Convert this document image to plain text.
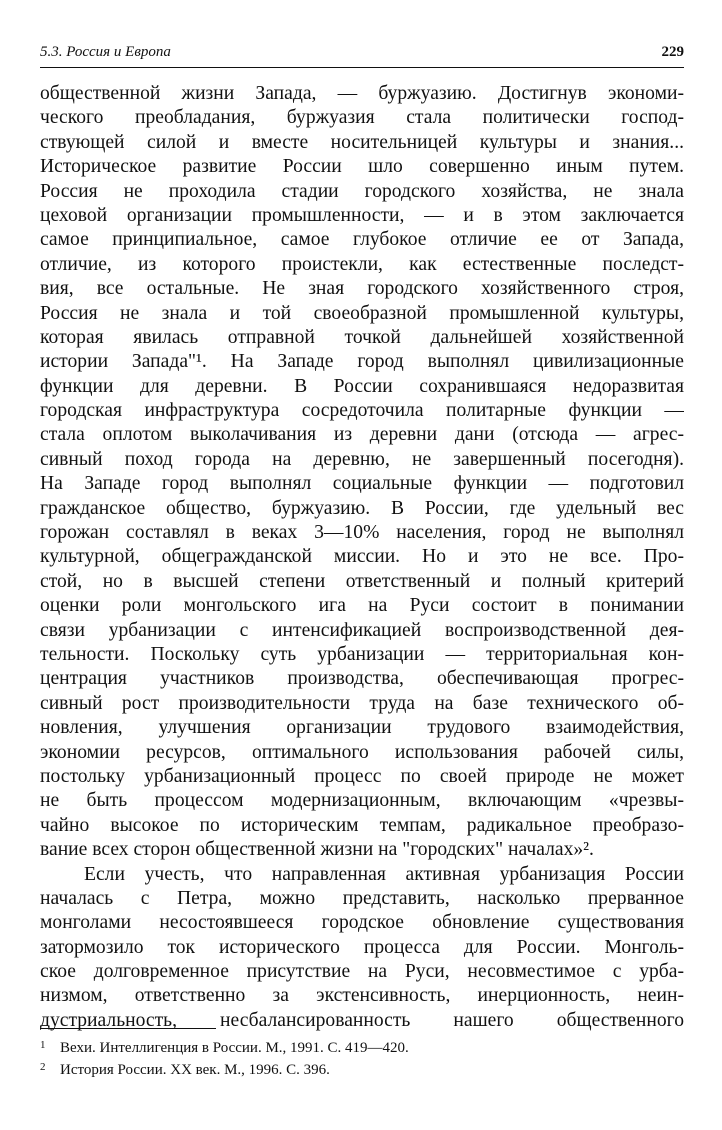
5.3. Россия и Европа	229
общественной жизни Запада, — буржуазию. Достигнув экономи-
ческого преобладания, буржуазия стала политически господ-
ствующей силой и вместе носительницей культуры и знания...
Историческое развитие России шло совершенно иным путем.
Россия не проходила стадии городского хозяйства, не знала
цеховой организации промышленности, — и в этом заключается
самое принципиальное, самое глубокое отличие ее от Запада,
отличие, из которого проистекли, как естественные последст-
вия, все остальные. Не зная городского хозяйственного строя,
Россия не знала и той своеобразной промышленной культуры,
которая явилась отправной точкой дальнейшей хозяйственной
истории Запада"¹. На Западе город выполнял цивилизационные
функции для деревни. В России сохранившаяся недоразвитая
городская инфраструктура сосредоточила политарные функции —
стала оплотом выколачивания из деревни дани (отсюда — агрес-
сивный поход города на деревню, не завершенный посегодня).
На Западе город выполнял социальные функции — подготовил
гражданское общество, буржуазию. В России, где удельный вес
горожан составлял в веках 3—10% населения, город не выполнял
культурной, общегражданской миссии. Но и это не все. Про-
стой, но в высшей степени ответственный и полный критерий
оценки роли монгольского ига на Руси состоит в понимании
связи урбанизации с интенсификацией воспроизводственной дея-
тельности. Поскольку суть урбанизации — территориальная кон-
центрация участников производства, обеспечивающая прогрес-
сивный рост производительности труда на базе технического об-
новления, улучшения организации трудового взаимодействия,
экономии ресурсов, оптимального использования рабочей силы,
постольку урбанизационный процесс по своей природе не может
не быть процессом модернизационным, включающим «чрезвы-
чайно высокое по историческим темпам, радикальное преобразо-
вание всех сторон общественной жизни на "городских" началах»².
Если учесть, что направленная активная урбанизация России
началась с Петра, можно представить, насколько прерванное
монголами несостоявшееся городское обновление существования
затормозило ток исторического процесса для России. Монголь-
ское долговременное присутствие на Руси, несовместимое с урба-
низмом, ответственно за экстенсивность, инерционность, неин-
дустриальность, несбалансированность нашего общественного
1 Вехи. Интеллигенция в России. М., 1991. С. 419—420.
2 История России. XX век. М., 1996. С. 396.
